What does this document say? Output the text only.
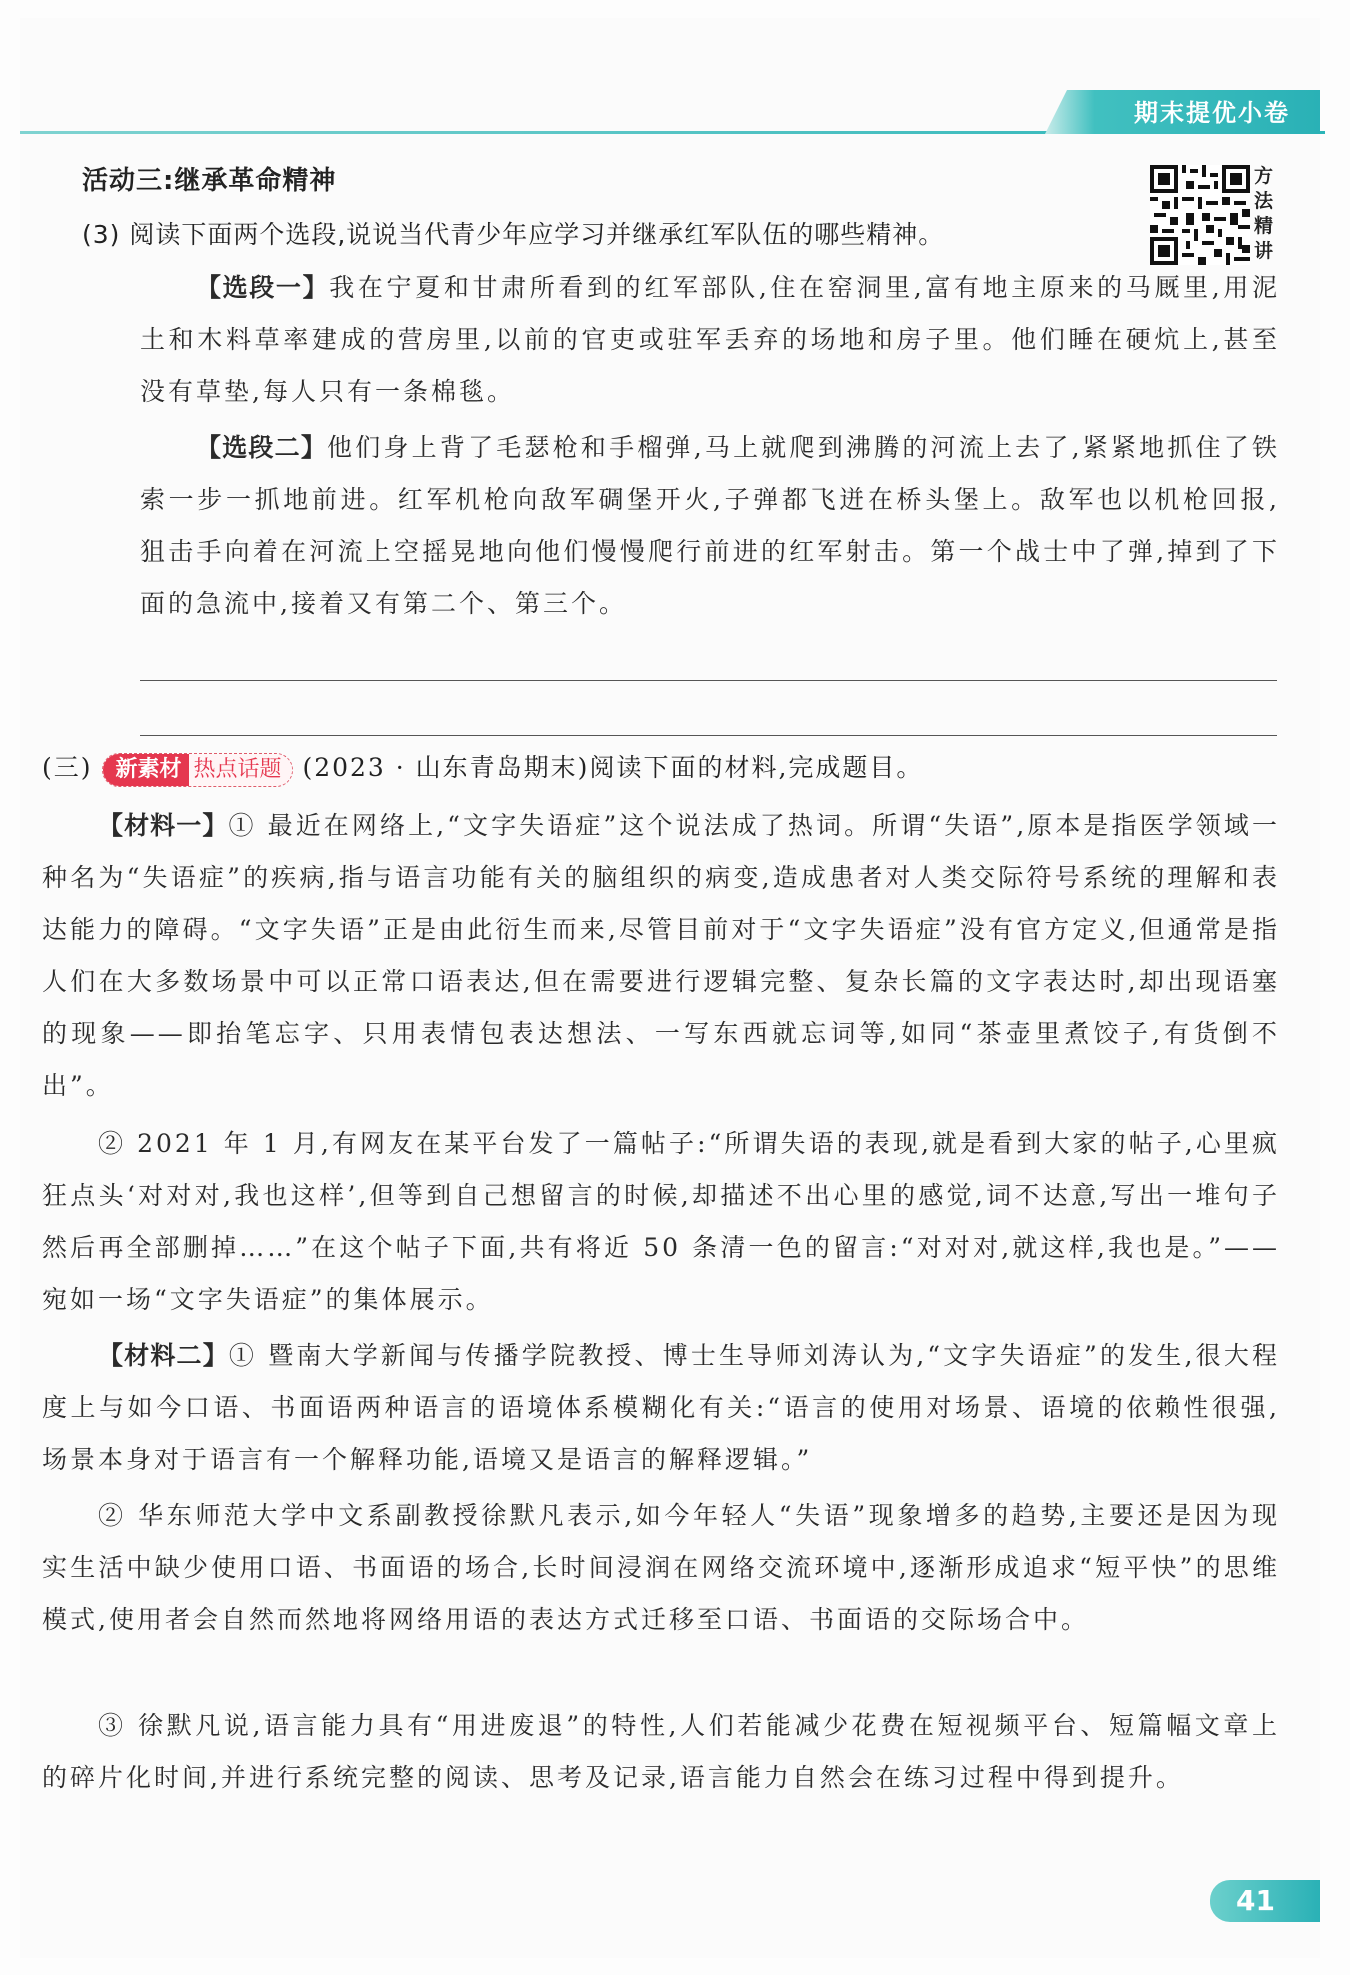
期末提优小卷
活动三:继承革命精神	方
法
精
讲
(3) 阅读下面两个选段,说说当代青少年应学习并继承红军队伍的哪些精神。
【选段一】我在宁夏和甘肃所看到的红军部队,住在窑洞里,富有地主原来的马厩里,用泥土和木料草率建成的营房里,以前的官吏或驻军丢弃的场地和房子里。他们睡在硬炕上,甚至没有草垫,每人只有一条棉毯。
【选段二】他们身上背了毛瑟枪和手榴弹,马上就爬到沸腾的河流上去了,紧紧地抓住了铁索一步一抓地前进。红军机枪向敌军碉堡开火,子弹都飞迸在桥头堡上。敌军也以机枪回报,狙击手向着在河流上空摇晃地向他们慢慢爬行前进的红军射击。第一个战士中了弹,掉到了下面的急流中,接着又有第二个、第三个。
(三) 新素材 热点话题 (2023 · 山东青岛期末)阅读下面的材料,完成题目。
【材料一】① 最近在网络上,“文字失语症”这个说法成了热词。所谓“失语”,原本是指医学领域一种名为“失语症”的疾病,指与语言功能有关的脑组织的病变,造成患者对人类交际符号系统的理解和表达能力的障碍。“文字失语”正是由此衍生而来,尽管目前对于“文字失语症”没有官方定义,但通常是指人们在大多数场景中可以正常口语表达,但在需要进行逻辑完整、复杂长篇的文字表达时,却出现语塞的现象——即抬笔忘字、只用表情包表达想法、一写东西就忘词等,如同“茶壶里煮饺子,有货倒不出”。
② 2021 年 1 月,有网友在某平台发了一篇帖子:“所谓失语的表现,就是看到大家的帖子,心里疯狂点头‘对对对,我也这样’,但等到自己想留言的时候,却描述不出心里的感觉,词不达意,写出一堆句子然后再全部删掉……”在这个帖子下面,共有将近 50 条清一色的留言:“对对对,就这样,我也是。”——宛如一场“文字失语症”的集体展示。
【材料二】① 暨南大学新闻与传播学院教授、博士生导师刘涛认为,“文字失语症”的发生,很大程度上与如今口语、书面语两种语言的语境体系模糊化有关:“语言的使用对场景、语境的依赖性很强,场景本身对于语言有一个解释功能,语境又是语言的解释逻辑。”
② 华东师范大学中文系副教授徐默凡表示,如今年轻人“失语”现象增多的趋势,主要还是因为现实生活中缺少使用口语、书面语的场合,长时间浸润在网络交流环境中,逐渐形成追求“短平快”的思维模式,使用者会自然而然地将网络用语的表达方式迁移至口语、书面语的交际场合中。
③ 徐默凡说,语言能力具有“用进废退”的特性,人们若能减少花费在短视频平台、短篇幅文章上的碎片化时间,并进行系统完整的阅读、思考及记录,语言能力自然会在练习过程中得到提升。
41
